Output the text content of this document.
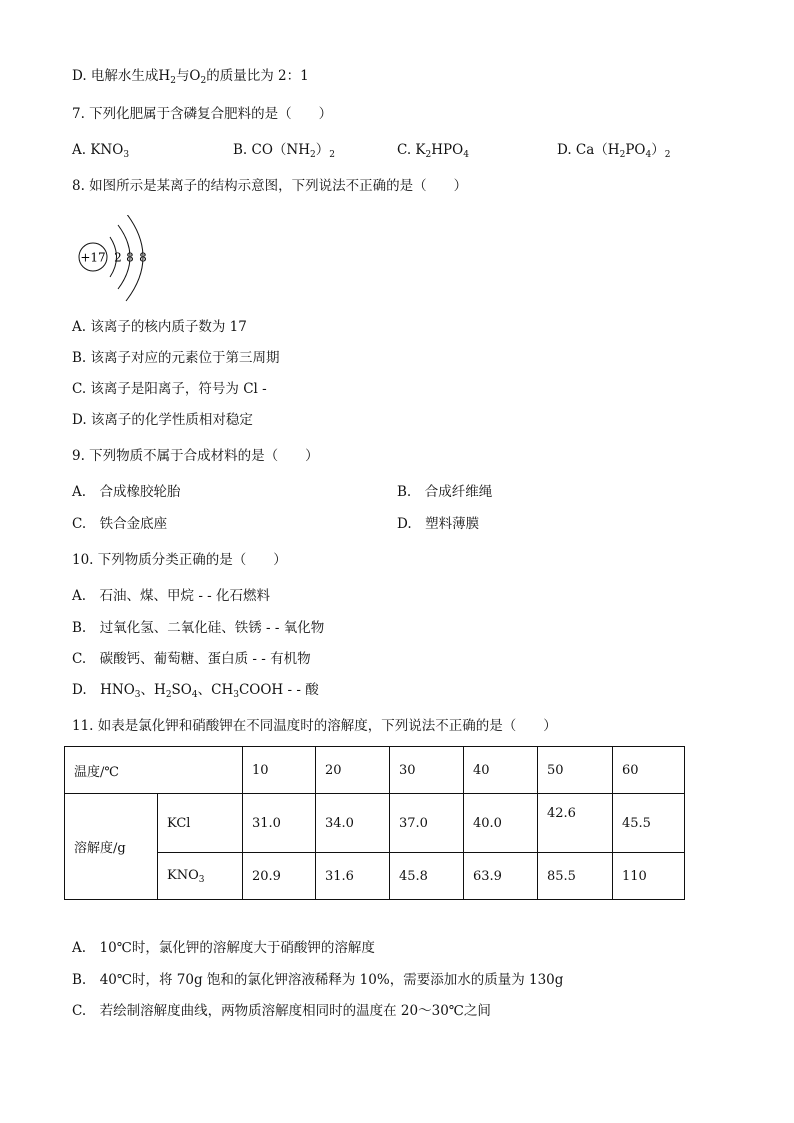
D. 电解水生成$H_2$与$O_2$的质量比为 2：1
7. 下列化肥属于含磷复合肥料的是（　　）
A. $KNO_3$	B. $CO(NH_2)_2$	C. $K_2HPO_4$	D. $Ca(H_2PO_4)_2$
8. 如图所示是某离子的结构示意图，下列说法不正确的是（　　）
+17 2 8 8
A. 该离子的核内质子数为 17
B. 该离子对应的元素位于第三周期
C. 该离子是阳离子，符号为 Cl -
D. 该离子的化学性质相对稳定
9. 下列物质不属于合成材料的是（　　）
A.　合成橡胶轮胎	B.　合成纤维绳
C.　铁合金底座	D.　塑料薄膜
10. 下列物质分类正确的是（　　）
A.　石油、煤、甲烷 - - 化石燃料
B.　过氧化氢、二氧化硅、铁锈 - - 氧化物
C.　碳酸钙、葡萄糖、蛋白质 - - 有机物
D.　$HNO_3$、$H_2SO_4$、$CH_3COOH$ - - 酸
11. 如表是氯化钾和硝酸钾在不同温度时的溶解度，下列说法不正确的是（　　）
温度/℃		10	20	30	40	50	60
溶解度/g	KCl	31.0	34.0	37.0	40.0	42.6	45.5
	$KNO_3$	20.9	31.6	45.8	63.9	85.5	110
A.　10℃时，氯化钾的溶解度大于硝酸钾的溶解度
B.　40℃时，将 70g 饱和的氯化钾溶液稀释为 10%，需要添加水的质量为 130g
C.　若绘制溶解度曲线，两物质溶解度相同时的温度在 20～30℃之间
